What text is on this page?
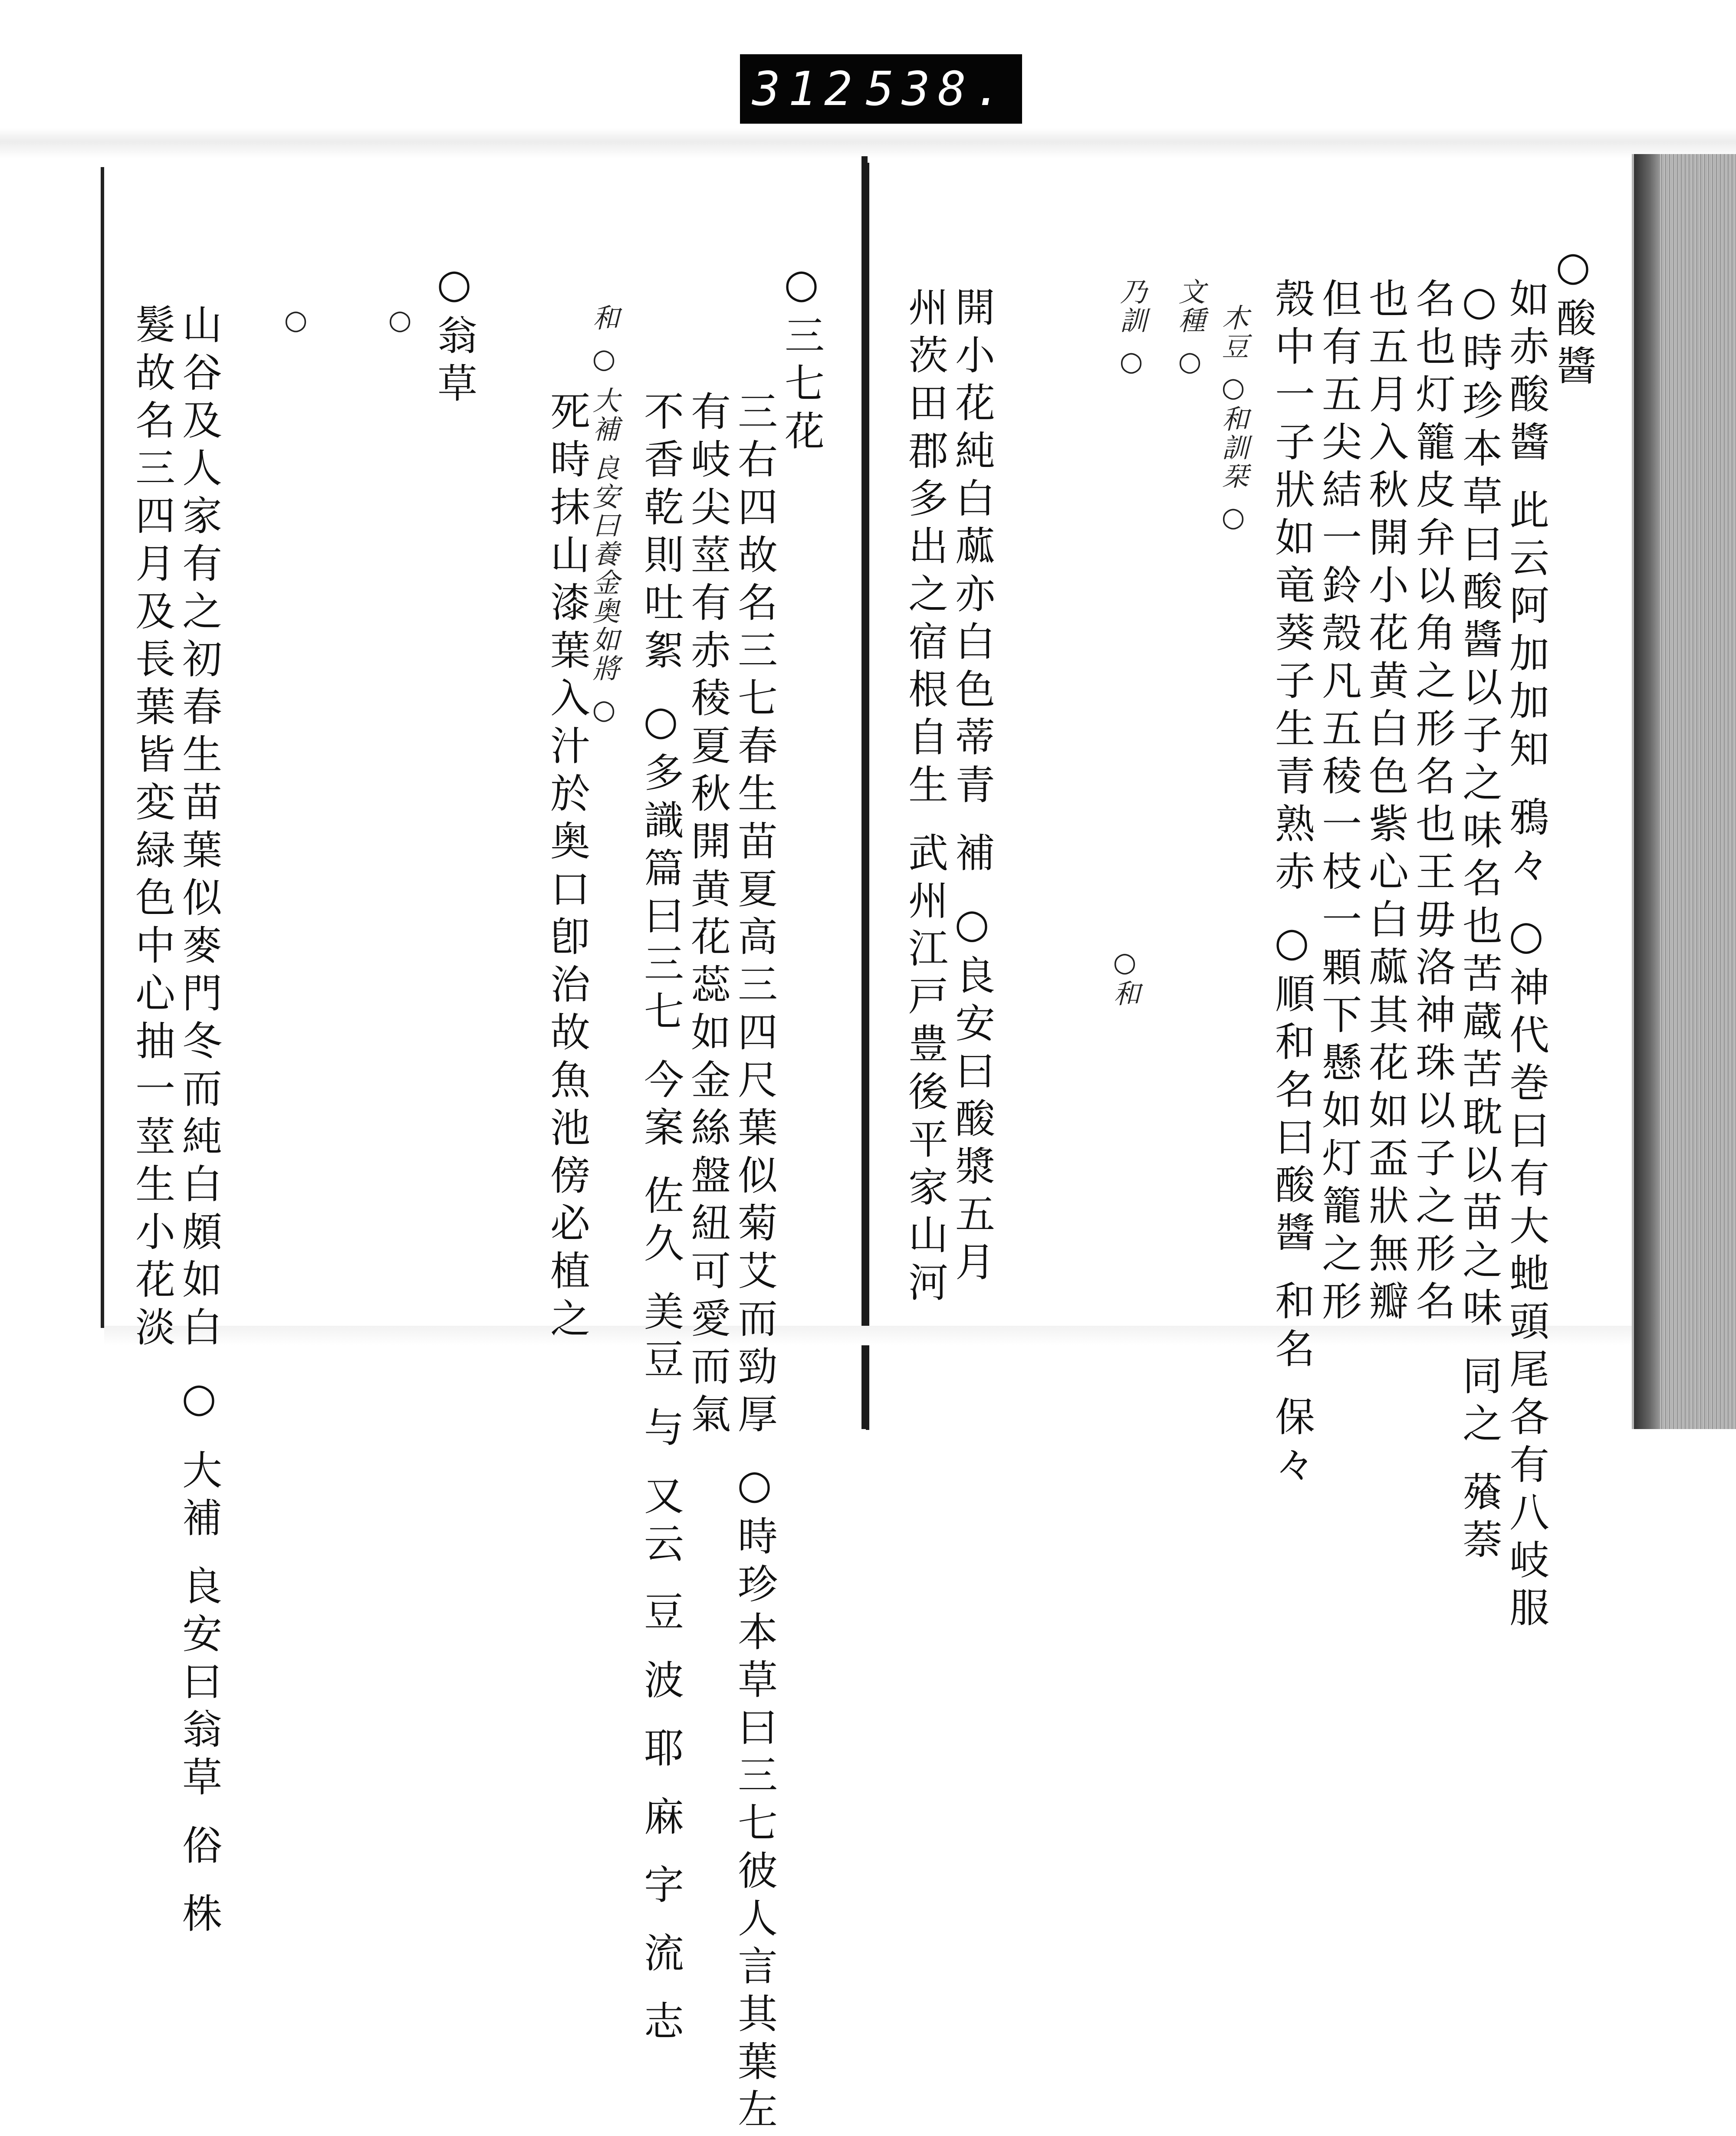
312 538.
○酸醬
如赤酸醬 此云阿加加知 鴉々 ○神代巻曰有大虵頭尾各有八岐服
○時珍本草曰酸醬以子之味名也苦蔵苦耽以苗之味 同之 蕵萘
名也灯籠皮弁以角之形名也王毋洛神珠以子之形名
也五月入秋開小花黄白色紫心白蓏其花如盃狀無瓣
但有五尖結一鈴殼凡五稜一枝一顆下懸如灯籠之形
殼中一子狀如竜葵子生青熟赤 ○順和名曰酸醬 和名 保々
木豆 ○和訓栞 ○
文種 ○
乃訓 ○
○和
開小花純白蓏亦白色蒂青 補 ○良安曰酸漿五月
州茨田郡多出之宿根自生 武州江戸豊後平家山河
○三七花
三右四故名三七春生苗夏高三四尺葉似菊艾而勁厚 ○時珍本草曰三七彼人言其葉左
有岐尖莖有赤稜夏秋開黄花蕊如金絲盤紐可愛而氣
不香乾則吐絮 ○多識篇曰三七 今案 佐久 美豆 与 又云 豆 波 耶 麻 字 流 志
死時抹山漆葉入汁於奥口卽治故魚池傍必植之
和 ○ 大補 良安曰養金奥如將 ○
○翁草
○
○
山谷及人家有之初春生苗葉似麥門冬而純白頗如白 ○ 大補 良安曰翁草 俗 株
髮故名三四月及長葉皆変緑色中心抽一莖生小花淡
